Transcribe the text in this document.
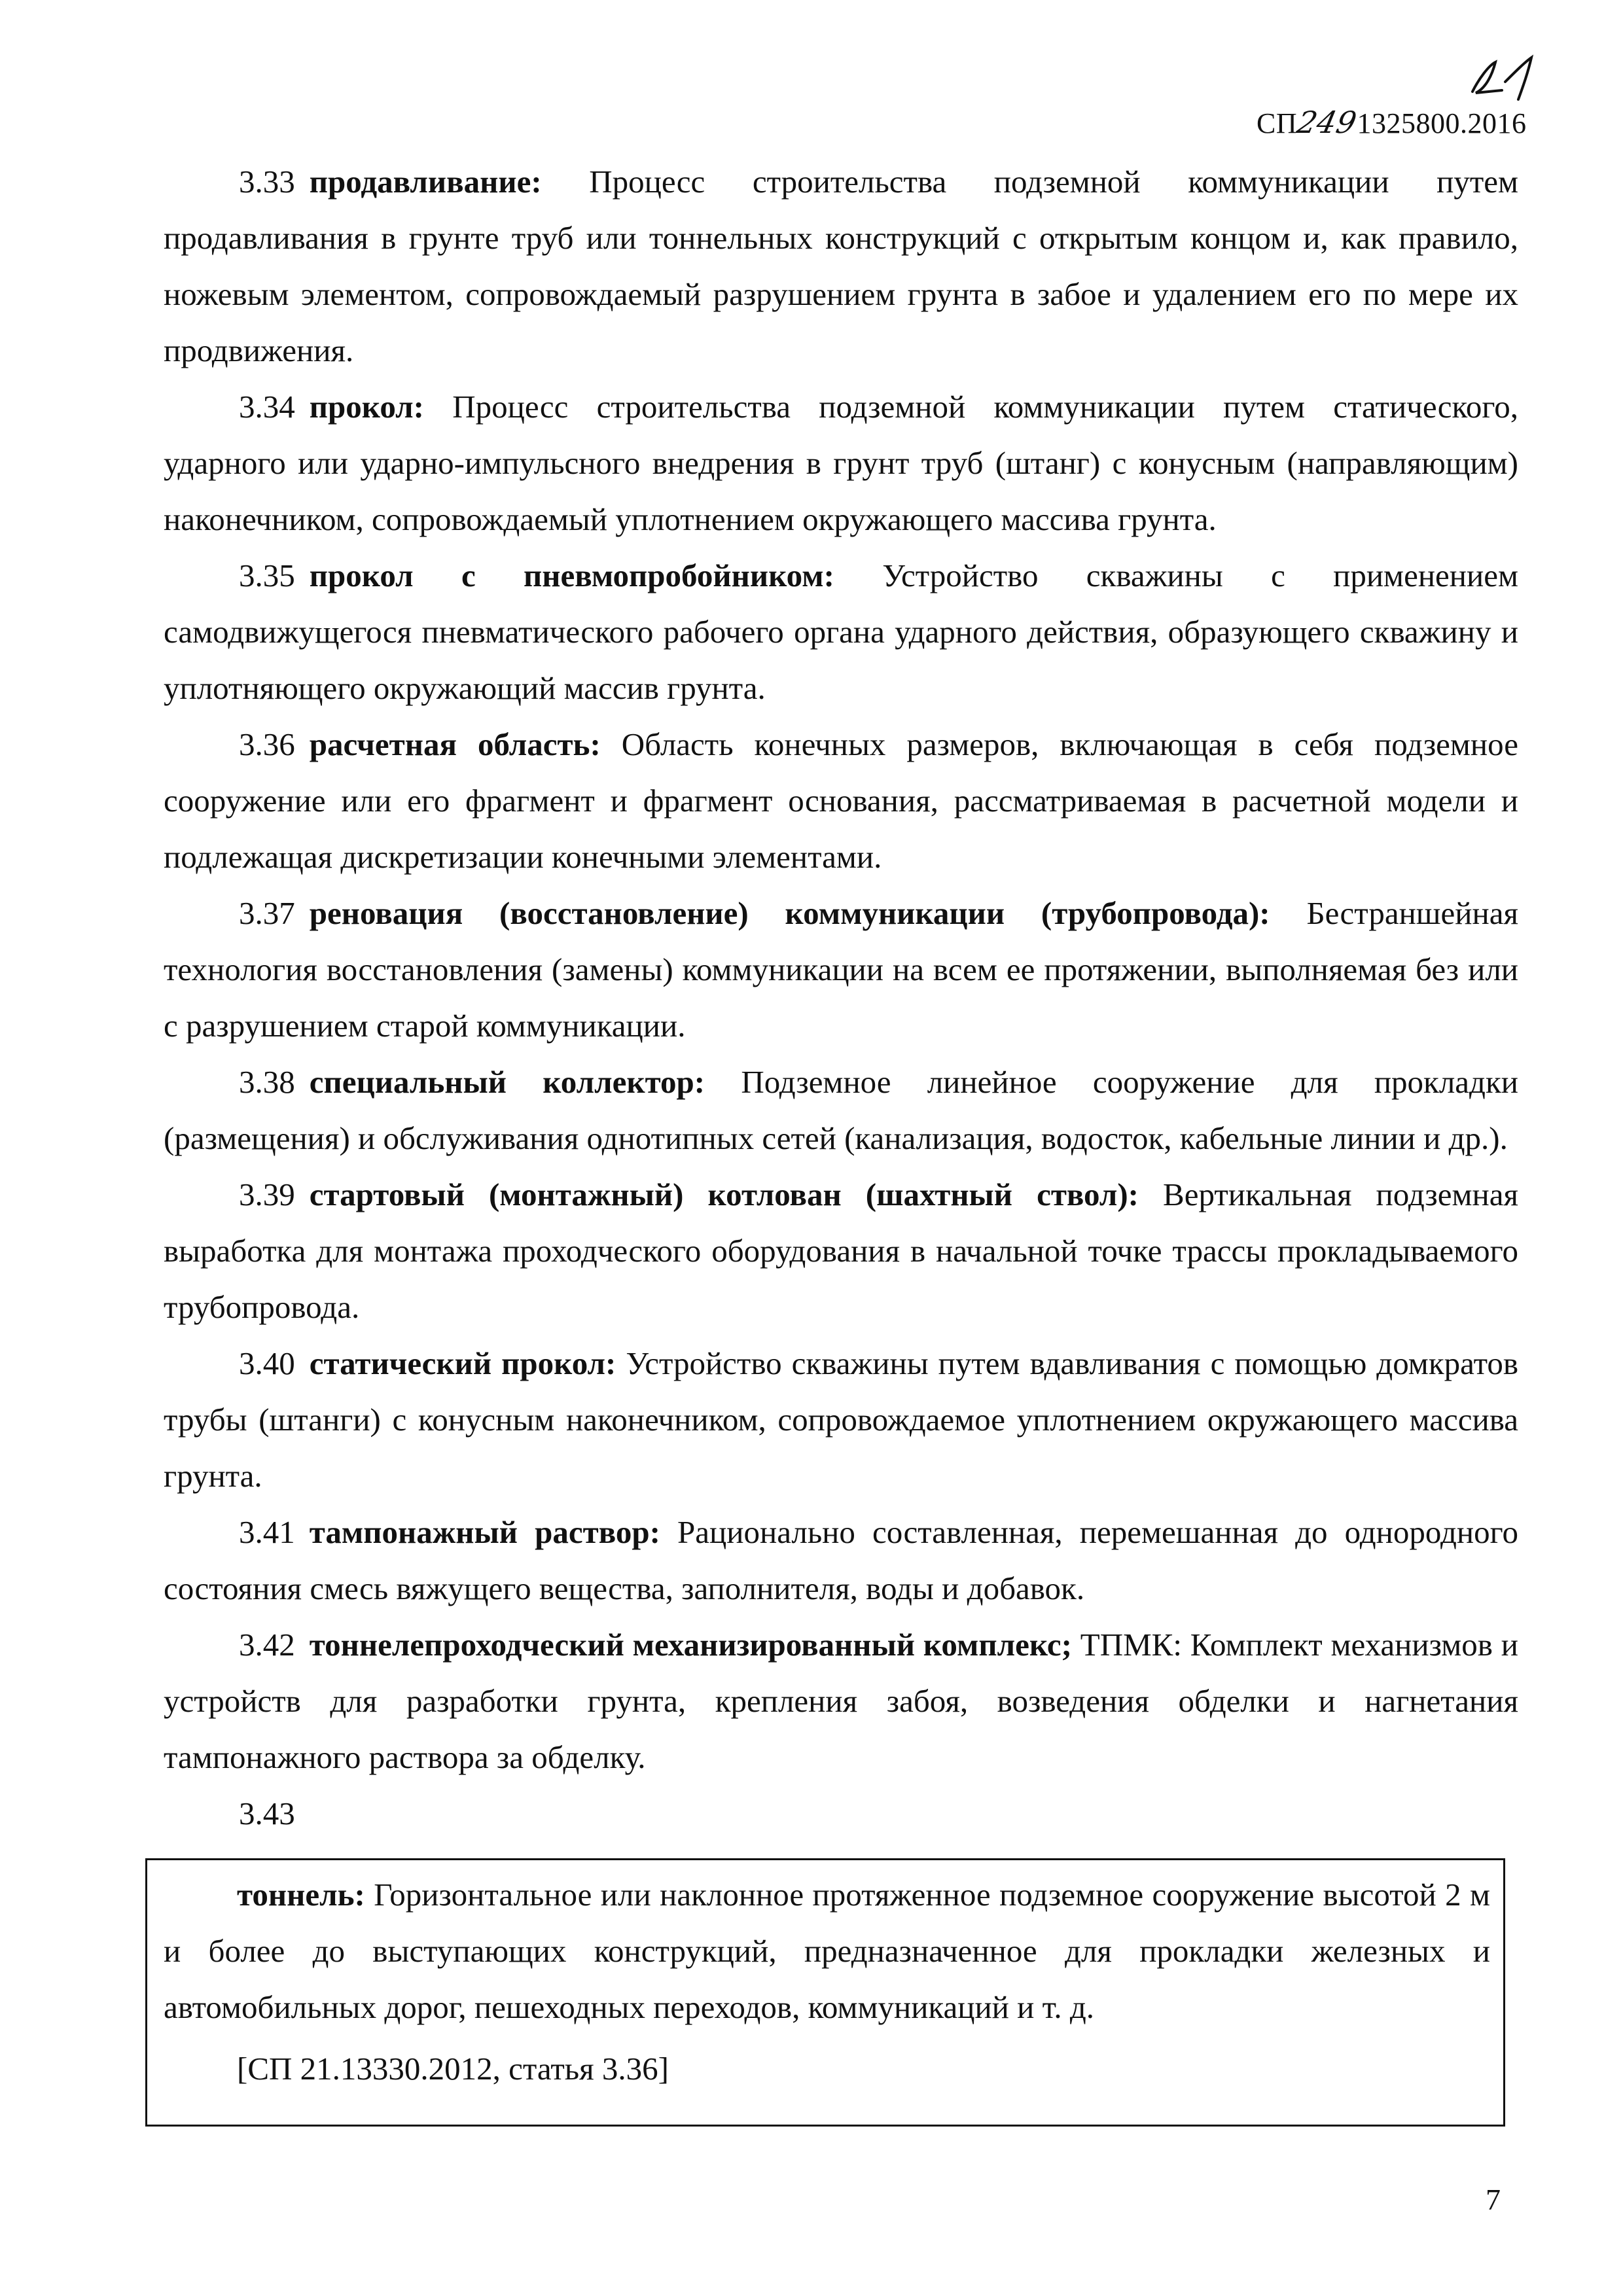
СП2491325800.2016

3.33 продавливание: Процесс строительства подземной коммуникации путем продавливания в грунте труб или тоннельных конструкций с открытым концом и, как правило, ножевым элементом, сопровождаемый разрушением грунта в забое и удалением его по мере их продвижения.

3.34 прокол: Процесс строительства подземной коммуникации путем статического, ударного или ударно-импульсного внедрения в грунт труб (штанг) с конусным (направляющим) наконечником, сопровождаемый уплотнением окружающего массива грунта.

3.35 прокол с пневмопробойником: Устройство скважины с применением самодвижущегося пневматического рабочего органа ударного действия, образующего скважину и уплотняющего окружающий массив грунта.

3.36 расчетная область: Область конечных размеров, включающая в себя подземное сооружение или его фрагмент и фрагмент основания, рассматриваемая в расчетной модели и подлежащая дискретизации конечными элементами.

3.37 реновация (восстановление) коммуникации (трубопровода): Бестраншейная технология восстановления (замены) коммуникации на всем ее протяжении, выполняемая без или с разрушением старой коммуникации.

3.38 специальный коллектор: Подземное линейное сооружение для прокладки (размещения) и обслуживания однотипных сетей (канализация, водосток, кабельные линии и др.).

3.39 стартовый (монтажный) котлован (шахтный ствол): Вертикальная подземная выработка для монтажа проходческого оборудования в начальной точке трассы прокладываемого трубопровода.

3.40 статический прокол: Устройство скважины путем вдавливания с помощью домкратов трубы (штанги) с конусным наконечником, сопровождаемое уплотнением окружающего массива грунта.

3.41 тампонажный раствор: Рационально составленная, перемешанная до однородного состояния смесь вяжущего вещества, заполнителя, воды и добавок.

3.42 тоннелепроходческий механизированный комплекс; ТПМК: Комплект механизмов и устройств для разработки грунта, крепления забоя, возведения обделки и нагнетания тампонажного раствора за обделку.

3.43

тоннель: Горизонтальное или наклонное протяженное подземное сооружение высотой 2 м и более до выступающих конструкций, предназначенное для прокладки железных и автомобильных дорог, пешеходных переходов, коммуникаций и т. д.

[СП 21.13330.2012, статья 3.36]

7
